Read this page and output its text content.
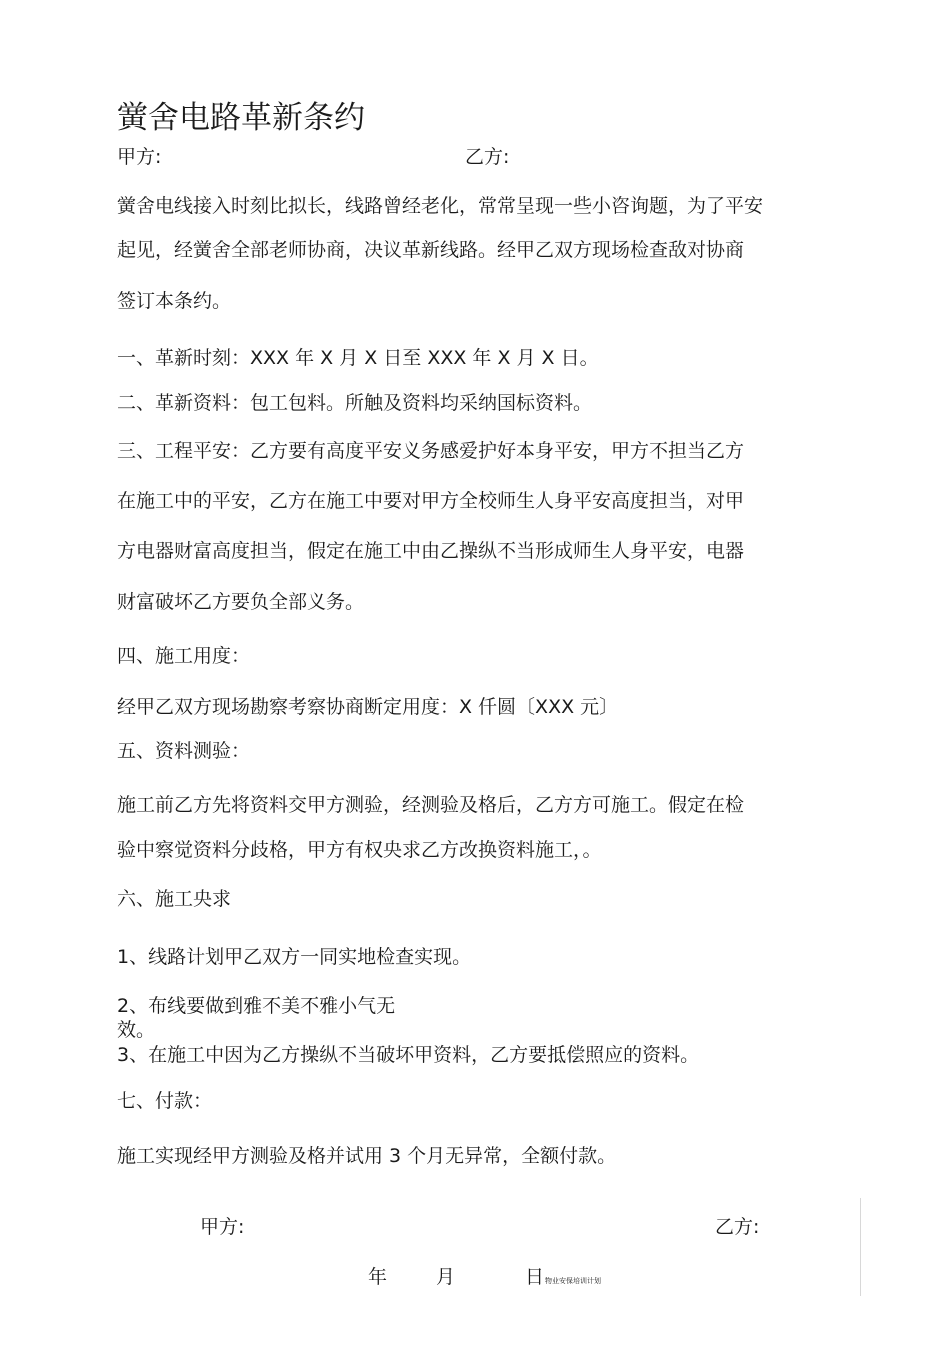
黉舍电路革新条约
甲方:	乙方:
黉舍电线接入时刻比拟长，线路曾经老化，常常呈现一些小咨询题，为了平安
起见，经黉舍全部老师协商，决议革新线路。经甲乙双方现场检查敌对协商
签订本条约。
一、革新时刻：XXX 年 X 月 X 日至 XXX 年 X 月 X 日。
二、革新资料：包工包料。所触及资料均采纳国标资料。
三、工程平安：乙方要有高度平安义务感爱护好本身平安，甲方不担当乙方
在施工中的平安，乙方在施工中要对甲方全校师生人身平安高度担当，对甲
方电器财富高度担当，假定在施工中由乙操纵不当形成师生人身平安，电器
财富破坏乙方要负全部义务。
四、施工用度：
经甲乙双方现场勘察考察协商断定用度：X 仟圆〔XXX 元〕
五、资料测验：
施工前乙方先将资料交甲方测验，经测验及格后，乙方方可施工。假定在检
验中察觉资料分歧格，甲方有权央求乙方改换资料施工，。
六、施工央求
1、线路计划甲乙双方一同实地检查实现。
2、布线要做到雅不美不雅小气无
效。
3、在施工中因为乙方操纵不当破坏甲资料，乙方要抵偿照应的资料。
七、付款：
施工实现经甲方测验及格并试用 3 个月无异常，全额付款。
甲方:	乙方:
年	月	日 物业安保培训计划
